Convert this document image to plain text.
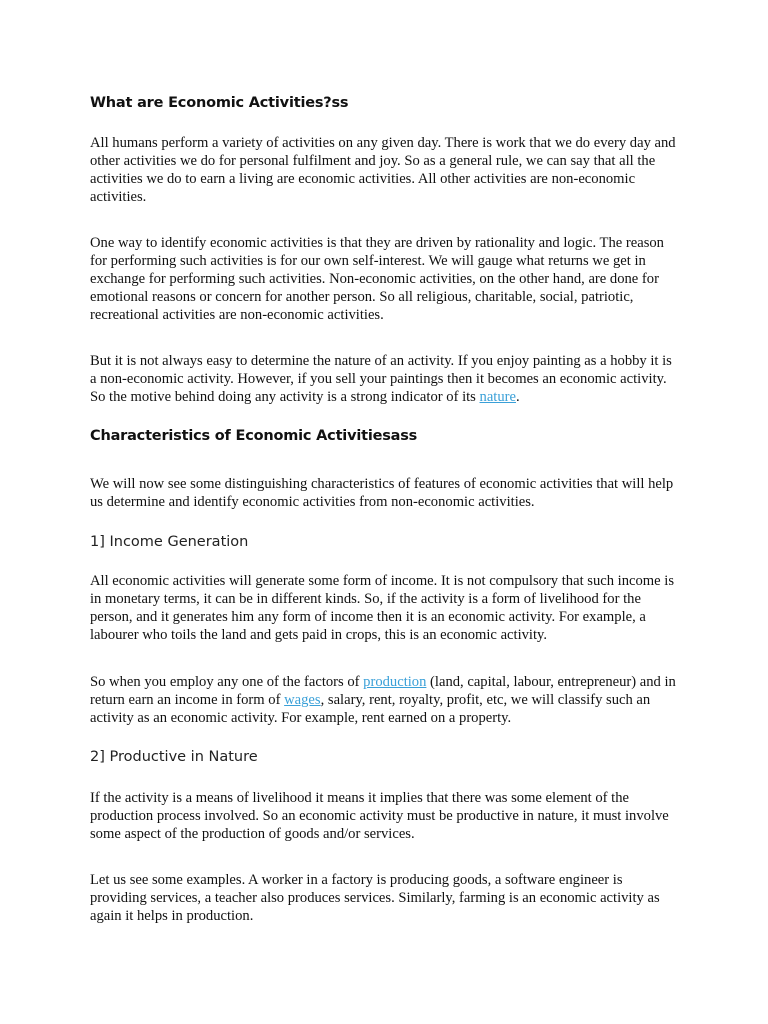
What are Economic Activities?ss

All humans perform a variety of activities on any given day. There is work that we do every day and
other activities we do for personal fulfilment and joy. So as a general rule, we can say that all the
activities we do to earn a living are economic activities. All other activities are non-economic
activities.

One way to identify economic activities is that they are driven by rationality and logic. The reason
for performing such activities is for our own self-interest. We will gauge what returns we get in
exchange for performing such activities. Non-economic activities, on the other hand, are done for
emotional reasons or concern for another person. So all religious, charitable, social, patriotic,
recreational activities are non-economic activities.

But it is not always easy to determine the nature of an activity. If you enjoy painting as a hobby it is
a non-economic activity. However, if you sell your paintings then it becomes an economic activity.
So the motive behind doing any activity is a strong indicator of its nature.

Characteristics of Economic Activitiesass

We will now see some distinguishing characteristics of features of economic activities that will help
us determine and identify economic activities from non-economic activities.

1] Income Generation

All economic activities will generate some form of income. It is not compulsory that such income is
in monetary terms, it can be in different kinds. So, if the activity is a form of livelihood for the
person, and it generates him any form of income then it is an economic activity. For example, a
labourer who toils the land and gets paid in crops, this is an economic activity.

So when you employ any one of the factors of production (land, capital, labour, entrepreneur) and in
return earn an income in form of wages, salary, rent, royalty, profit, etc, we will classify such an
activity as an economic activity. For example, rent earned on a property.

2] Productive in Nature

If the activity is a means of livelihood it means it implies that there was some element of the
production process involved. So an economic activity must be productive in nature, it must involve
some aspect of the production of goods and/or services.

Let us see some examples. A worker in a factory is producing goods, a software engineer is
providing services, a teacher also produces services. Similarly, farming is an economic activity as
again it helps in production.
